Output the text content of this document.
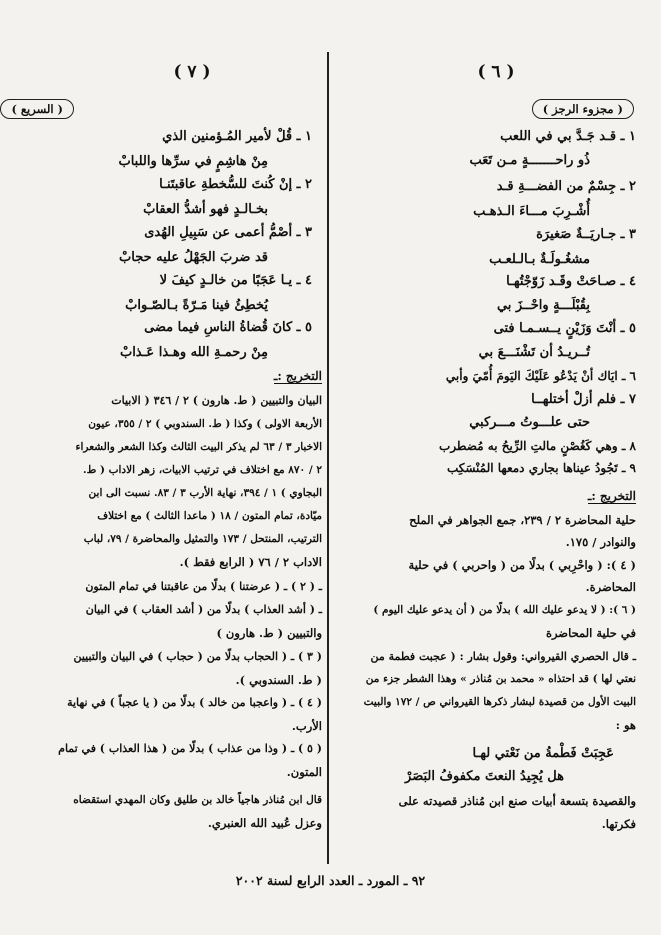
( ٦ )
( مجزوء الرجز )
١ ـ قـد جَـدَّ بي في اللعب
ذُو راحـــــــةٍ مـن تَعَب
٢ ـ جِسْمٌ من الفضـــةِ قـد
أُشْـرِبَ مـــاءَ الـذهـب
٣ ـ جـاريَــةٌ صَغيرَة
مشغُـولَـةٌ بـالـلعـب
٤ ـ صـاحَتْ وقَـد زَوّجْتُهـا
بِقُبْلَـــةٍ واحْــزَ بي
٥ ـ أنْتَ وَزَيْنٍ يــسـمـا فتى
تُــريـدُ أن تَشْنَـــعَ بي
٦ ـ ايَاك أنْ يَدْعُو عَلَيْكَ اليَومَ أُمّيَ وأبي
٧ ـ فلم أزلْ أختلهــا
حتى علـــوتُ مـــركبي
٨ ـ وهي كَغُصْنٍ مالتِ الرِّيحُ به مُضطرب
٩ ـ تَجُودُ عيناها بجاري دمعها المُنْسَكِب
التخريج :ـ
حلية المحاضرة ٢ / ٢٣٩، جمع الجواهر في الملح
والنوادر / ١٧٥.
( ٤ ): ( واحْرِبي ) بدلًا من ( واحربي ) في حلية
المحاضرة.
( ٦ ): ( لا يدعو عليك الله ) بدلًا من ( أن يدعو عليك اليوم )
في حلية المحاضرة
ـ قال الحصري القيرواني: وقول بشار : ( عجبت فطمة من
نعتي لها ) قد احتذاه « محمد بن مُناذر » وهذا الشطر جزء من
البيت الأول من قصيدة لبشار ذكرها القيرواني ص / ١٧٢ والبيت
هو :
عَجِبَتْ فَطْمةُ من نَعْتي لهـا
هل يُجِيدُ النعتَ مكفوفُ البَصَرْ
والقصيدة بتسعة أبيات صنع ابن مُناذر قصيدته على
فكرتها.
( ٧ )
( السريع )
١ ـ قُلْ لأمير المُـؤمنين الذي
مِنْ هاشِمٍ في سرِّها واللبابْ
٢ ـ إنْ كُنتَ للسُّخطةِ عاقبتَنـا
بخـالـدٍ فهو أشدُّ العقابْ
٣ ـ أصْمُّ أعمى عن سَبِيلِ الهُدى
قد ضربَ الجَهْلُ عليه حجابْ
٤ ـ يـا عَجَبًا من خالـدٍ كيفَ لا
يُخطِئُ فينا مَـرّةً بـالصّـوابْ
٥ ـ كانَ قُضاةُ الناسِ فيما مضى
مِنْ رحمـةِ الله وهـذا عَـذابْ
التخريج :ـ
البيان والتبيين ( ط. هارون ) ٢ / ٣٤٦ ( الابيات
الأربعة الاولى ) وكذا ( ط. السندوبي ) ٢ / ٣٥٥، عيون
الاخبار ٣ / ٦٣ لم يذكر البيت الثالث وكذا الشعر والشعراء
٢ / ٨٧٠ مع اختلاف في ترتيب الابيات، زهر الاداب ( ط.
البجاوي ) ١ / ٣٩٤، نهاية الأرب ٣ / ٨٣. نسبت الى ابن
ميّادة، تمام المتون / ١٨ ( ماعدا الثالث ) مع اختلاف
الترتيب، المنتحل / ١٧٣ والتمثيل والمحاضرة / ٧٩، لباب
الاداب ٢ / ٧٦ ( الرابع فقط ).
ـ ( ٢ ) ـ ( عرضتنا ) بدلًا من عاقبتنا في تمام المتون
ـ ( أشد العذاب ) بدلًا من ( أشد العقاب ) في البيان
والتبيين ( ط. هارون )
( ٣ ) ـ ( الحجاب بدلًا من ( حجاب ) في البيان والتبيين
( ط. السندوبي ).
( ٤ ) ـ ( واعجبا من خالد ) بدلًا من ( يا عجباً ) في نهاية
الأرب.
( ٥ ) ـ ( وذا من عذاب ) بدلًا من ( هذا العذاب ) في تمام
المتون.
قال ابن مُناذر هاجياً خالد بن طليق وكان المهدي استقضاه
وعزل عُبيد الله العنبري.
٩٢ ـ المورد ـ العدد الرابع لسنة ٢٠٠٢
